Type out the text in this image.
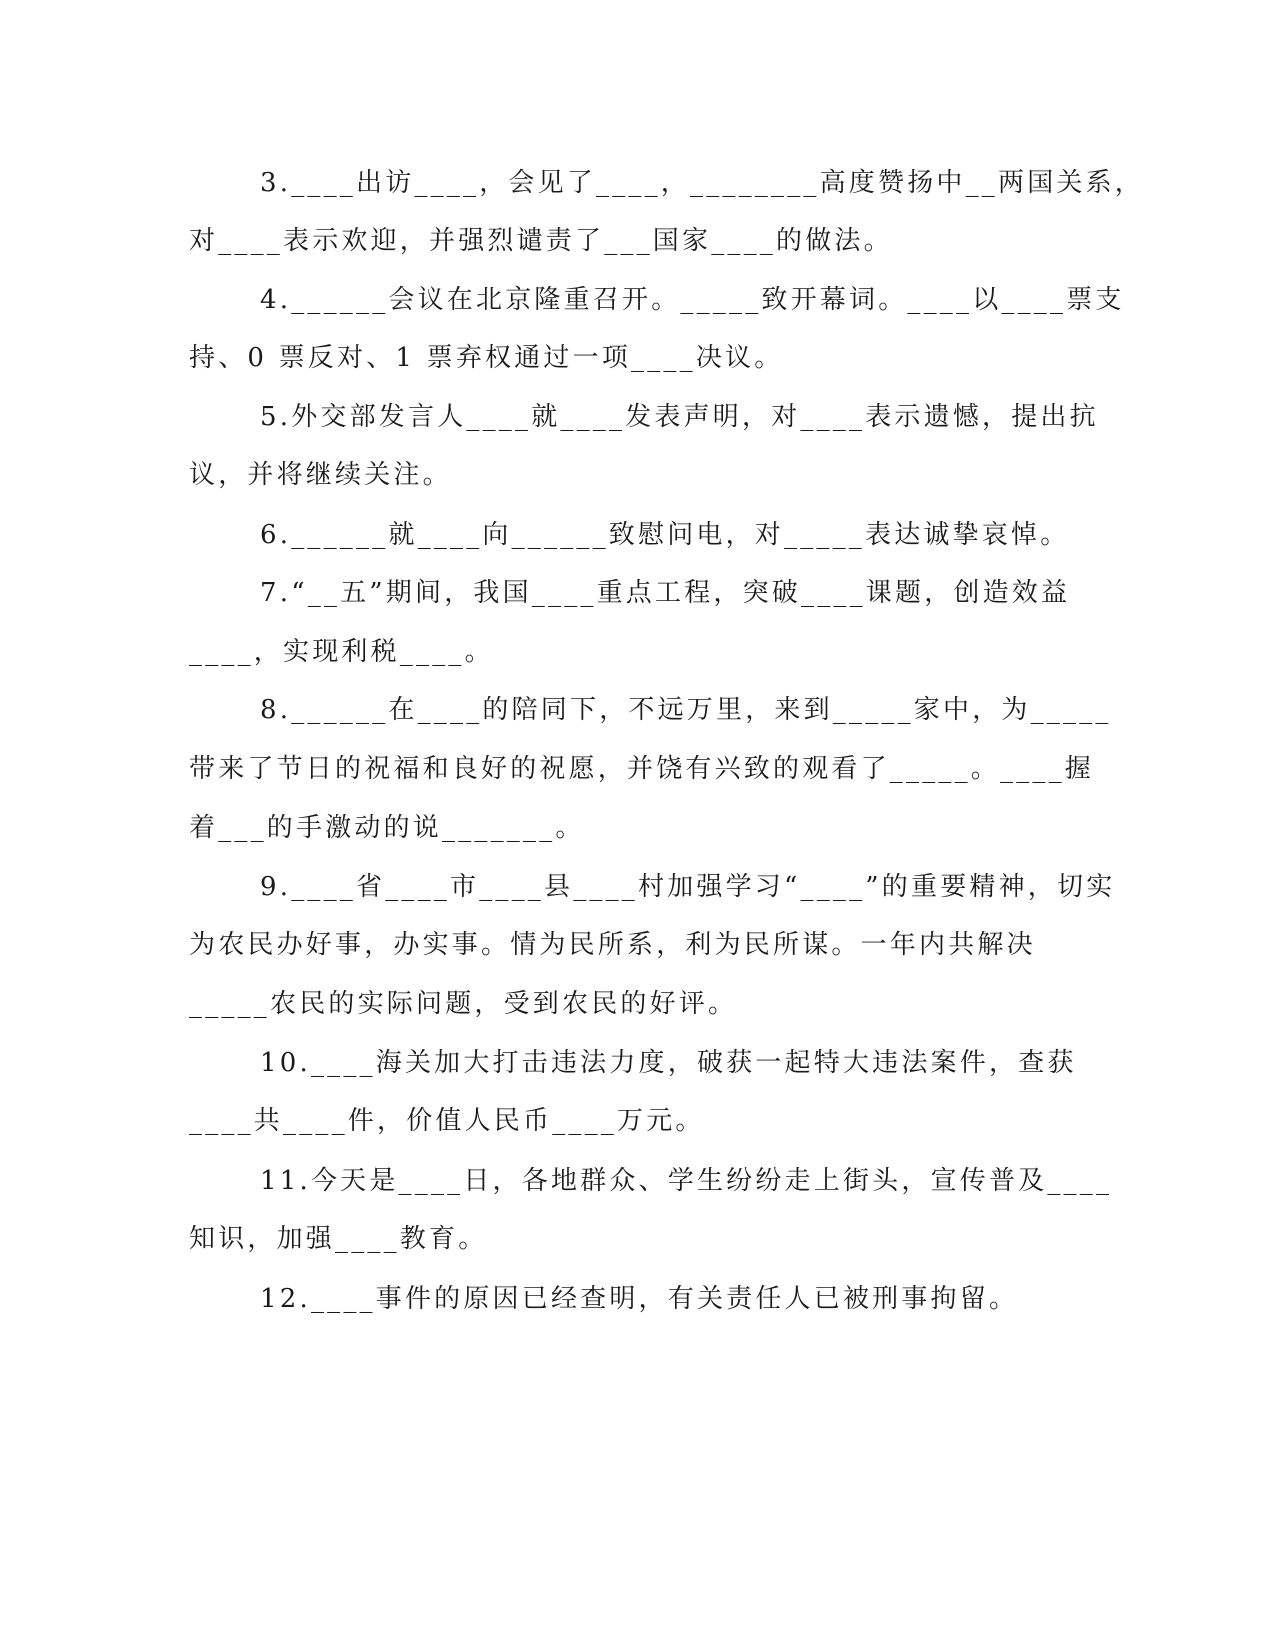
3.____出访____，会见了____，________高度赞扬中__两国关系，
对____表示欢迎，并强烈谴责了___国家____的做法。
4.______会议在北京隆重召开。_____致开幕词。____以____票支
持、0 票反对、1 票弃权通过一项____决议。
5.外交部发言人____就____发表声明，对____表示遗憾，提出抗
议，并将继续关注。
6.______就____向______致慰问电，对_____表达诚挚哀悼。
7.“__五”期间，我国____重点工程，突破____课题，创造效益
____，实现利税____。
8.______在____的陪同下，不远万里，来到_____家中，为_____
带来了节日的祝福和良好的祝愿，并饶有兴致的观看了_____。____握
着___的手激动的说_______。
9.____省____市____县____村加强学习“____”的重要精神，切实
为农民办好事，办实事。情为民所系，利为民所谋。一年内共解决
_____农民的实际问题，受到农民的好评。
10.____海关加大打击违法力度，破获一起特大违法案件，查获
____共____件，价值人民币____万元。
11.今天是____日，各地群众、学生纷纷走上街头，宣传普及____
知识，加强____教育。
12.____事件的原因已经查明，有关责任人已被刑事拘留。
